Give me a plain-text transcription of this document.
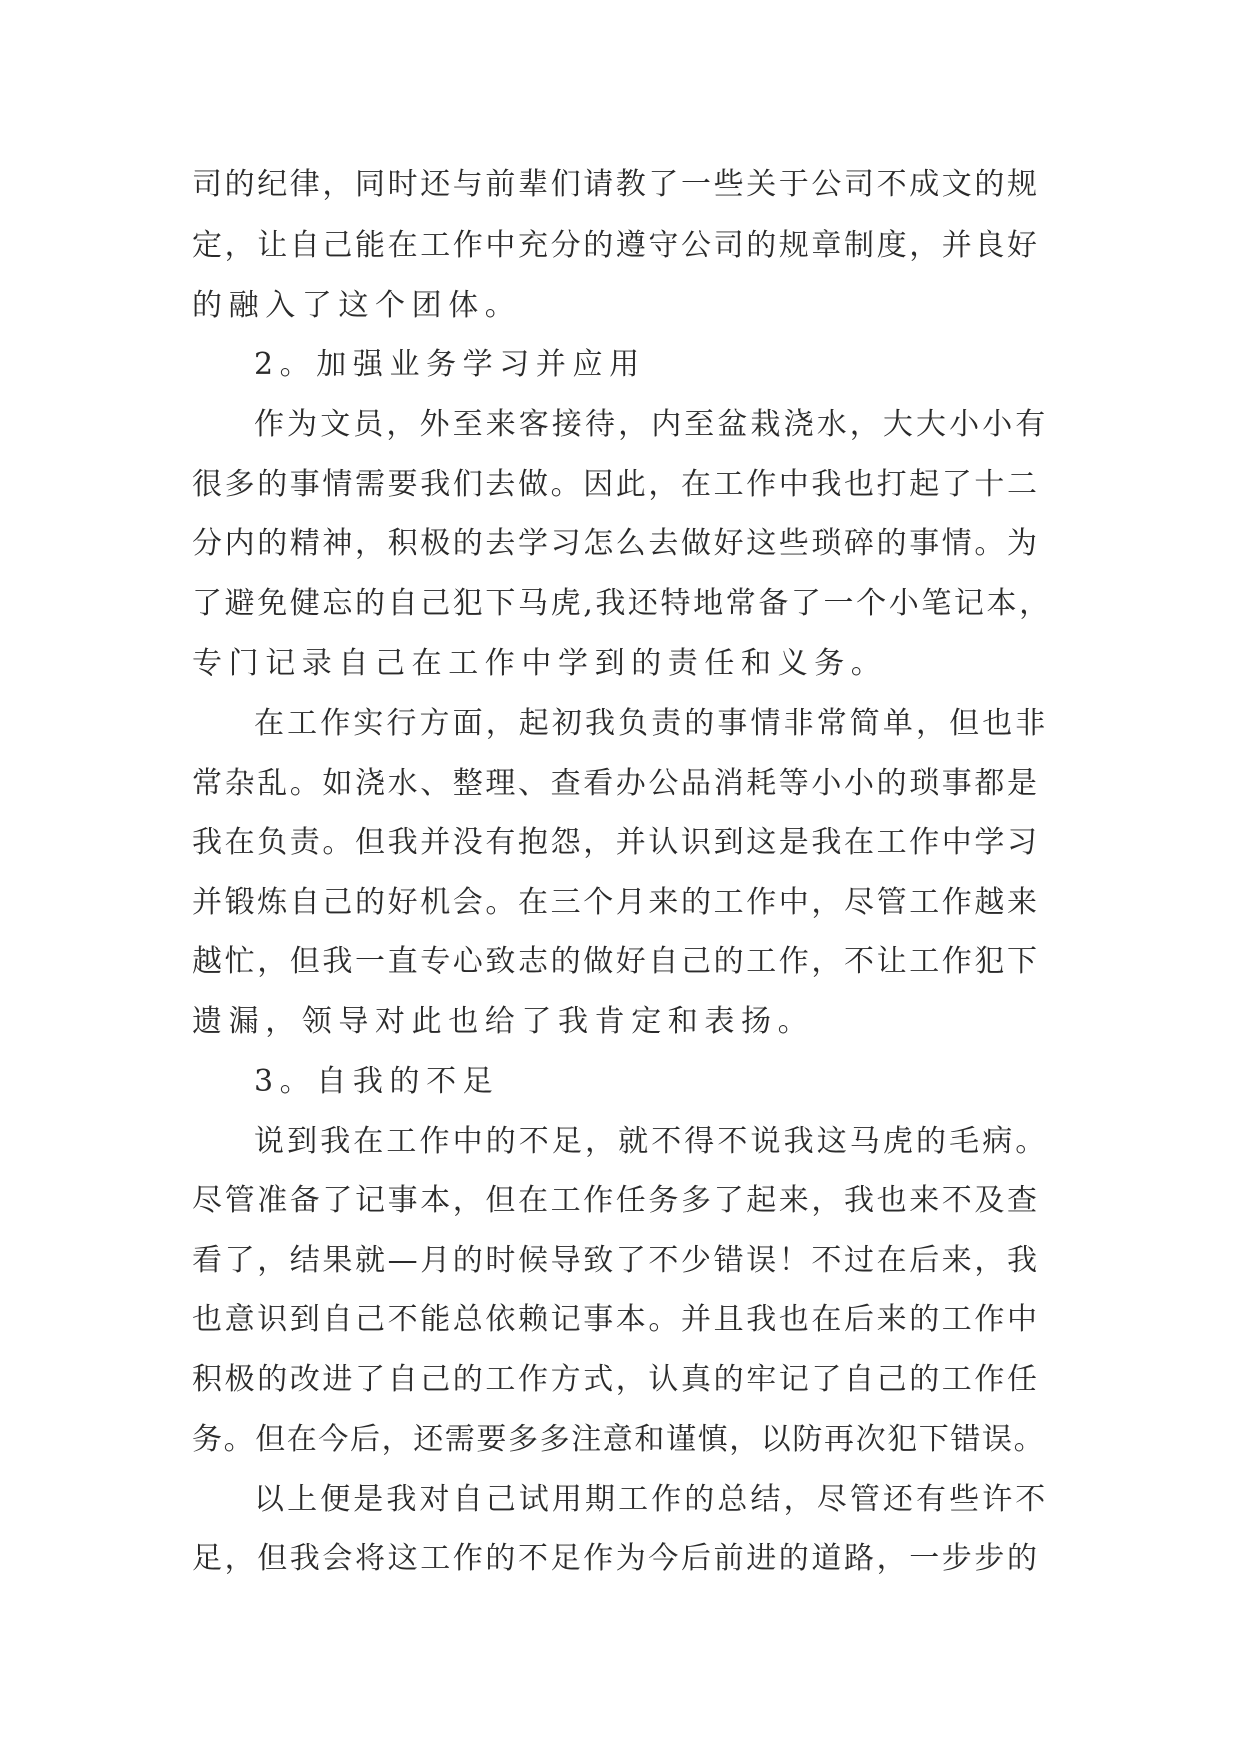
司的纪律，同时还与前辈们请教了一些关于公司不成文的规
定，让自己能在工作中充分的遵守公司的规章制度，并良好
的融入了这个团体。
2。加强业务学习并应用
作为文员，外至来客接待，内至盆栽浇水，大大小小有
很多的事情需要我们去做。因此，在工作中我也打起了十二
分内的精神，积极的去学习怎么去做好这些琐碎的事情。为
了避免健忘的自己犯下马虎,我还特地常备了一个小笔记本，
专门记录自己在工作中学到的责任和义务。
在工作实行方面，起初我负责的事情非常简单，但也非
常杂乱。如浇水、整理、查看办公品消耗等小小的琐事都是
我在负责。但我并没有抱怨，并认识到这是我在工作中学习
并锻炼自己的好机会。在三个月来的工作中，尽管工作越来
越忙，但我一直专心致志的做好自己的工作，不让工作犯下
遗漏，领导对此也给了我肯定和表扬。
3。自我的不足
说到我在工作中的不足，就不得不说我这马虎的毛病。
尽管准备了记事本，但在工作任务多了起来，我也来不及查
看了，结果就—月的时候导致了不少错误！不过在后来，我
也意识到自己不能总依赖记事本。并且我也在后来的工作中
积极的改进了自己的工作方式，认真的牢记了自己的工作任
务。但在今后，还需要多多注意和谨慎，以防再次犯下错误。
以上便是我对自己试用期工作的总结，尽管还有些许不
足，但我会将这工作的不足作为今后前进的道路，一步步的
